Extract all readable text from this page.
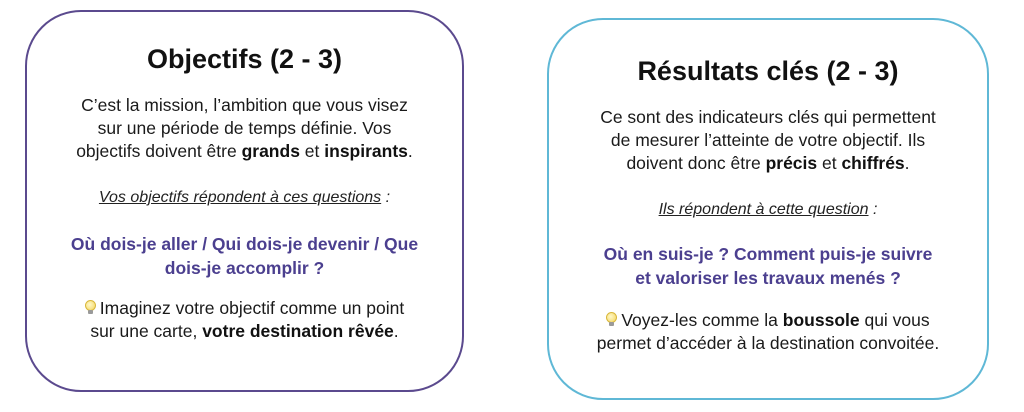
Objectifs (2 - 3)
C’est la mission, l’ambition que vous visez
sur une période de temps définie. Vos
objectifs doivent être grands et inspirants.
Vos objectifs répondent à ces questions :
Où dois-je aller / Qui dois-je devenir / Que
dois-je accomplir ?
Imaginez votre objectif comme un point
sur une carte, votre destination rêvée.
Résultats clés (2 - 3)
Ce sont des indicateurs clés qui permettent
de mesurer l’atteinte de votre objectif. Ils
doivent donc être précis et chiffrés.
Ils répondent à cette question :
Où en suis-je ? Comment puis-je suivre
et valoriser les travaux menés ?
Voyez-les comme la boussole qui vous
permet d’accéder à la destination convoitée.
